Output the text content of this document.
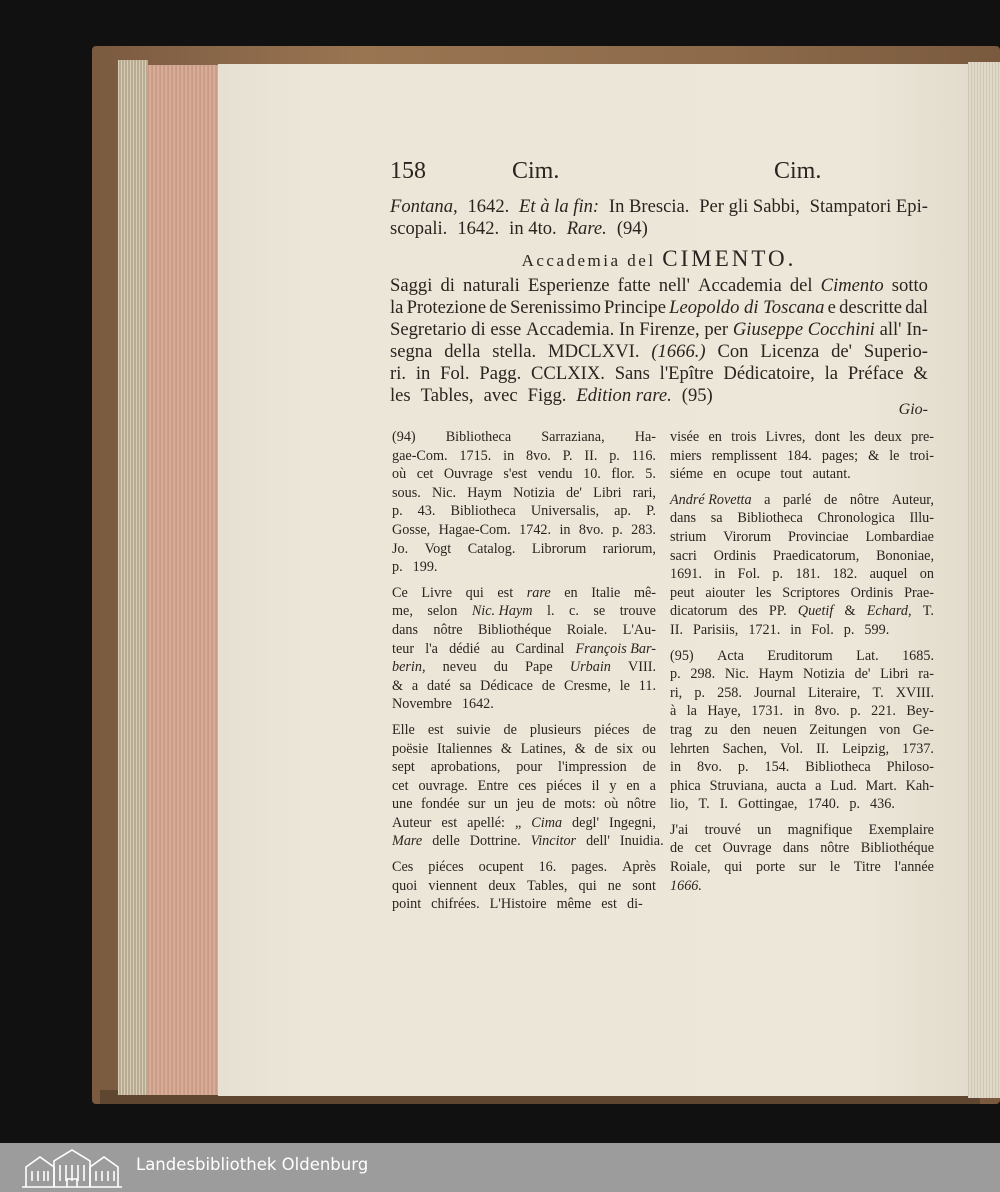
158	Cim.	Cim.
Fontana, 1642. Et à la fin: In Brescia. Per gli Sabbi, Stampatori Epi-
scopali. 1642. in 4to. Rare. (94)
Accademia del CIMENTO.
Saggi di naturali Esperienze fatte nell' Accademia del Cimento sotto
la Protezione de Serenissimo Principe Leopoldo di Toscana e descritte dal
Segretario di esse Accademia. In Firenze, per Giuseppe Cocchini all' In-
segna della stella. MDCLXVI. (1666.) Con Licenza de' Superio-
ri. in Fol. Pagg. CCLXIX. Sans l'Epître Dédicatoire, la Préface &
les Tables, avec Figg. Edition rare. (95)
Gio-
(94) Bibliotheca Sarraziana, Ha-
gae-Com. 1715. in 8vo. P. II. p. 116.
où cet Ouvrage s'est vendu 10. flor. 5.
sous. Nic. Haym Notizia de' Libri rari,
p. 43. Bibliotheca Universalis, ap. P.
Gosse, Hagae-Com. 1742. in 8vo. p. 283.
Jo. Vogt Catalog. Librorum rariorum,
p. 199.
Ce Livre qui est rare en Italie mê-
me, selon Nic. Haym l. c. se trouve
dans nôtre Bibliothéque Roiale. L'Au-
teur l'a dédié au Cardinal François Bar-
berin, neveu du Pape Urbain VIII.
& a daté sa Dédicace de Cresme, le 11.
Novembre 1642.
Elle est suivie de plusieurs piéces de
poësie Italiennes & Latines, & de six ou
sept aprobations, pour l'impression de
cet ouvrage. Entre ces piéces il y en a
une fondée sur un jeu de mots: où nôtre
Auteur est apellé: „ Cima degl' Ingegni,
Mare delle Dottrine. Vincitor dell' Inuidia.
Ces piéces ocupent 16. pages. Après
quoi viennent deux Tables, qui ne sont
point chifrées. L'Histoire même est di-
visée en trois Livres, dont les deux pre-
miers remplissent 184. pages; & le troi-
siéme en ocupe tout autant.
André Rovetta a parlé de nôtre Auteur,
dans sa Bibliotheca Chronologica Illu-
strium Virorum Provinciae Lombardiae
sacri Ordinis Praedicatorum, Bononiae,
1691. in Fol. p. 181. 182. auquel on
peut aiouter les Scriptores Ordinis Prae-
dicatorum des PP. Quetif & Echard, T.
II. Parisiis, 1721. in Fol. p. 599.
(95) Acta Eruditorum Lat. 1685.
p. 298. Nic. Haym Notizia de' Libri ra-
ri, p. 258. Journal Literaire, T. XVIII.
à la Haye, 1731. in 8vo. p. 221. Bey-
trag zu den neuen Zeitungen von Ge-
lehrten Sachen, Vol. II. Leipzig, 1737.
in 8vo. p. 154. Bibliotheca Philoso-
phica Struviana, aucta a Lud. Mart. Kah-
lio, T. I. Gottingae, 1740. p. 436.
J'ai trouvé un magnifique Exemplaire
de cet Ouvrage dans nôtre Bibliothéque
Roiale, qui porte sur le Titre l'année
1666.
Landesbibliothek Oldenburg
